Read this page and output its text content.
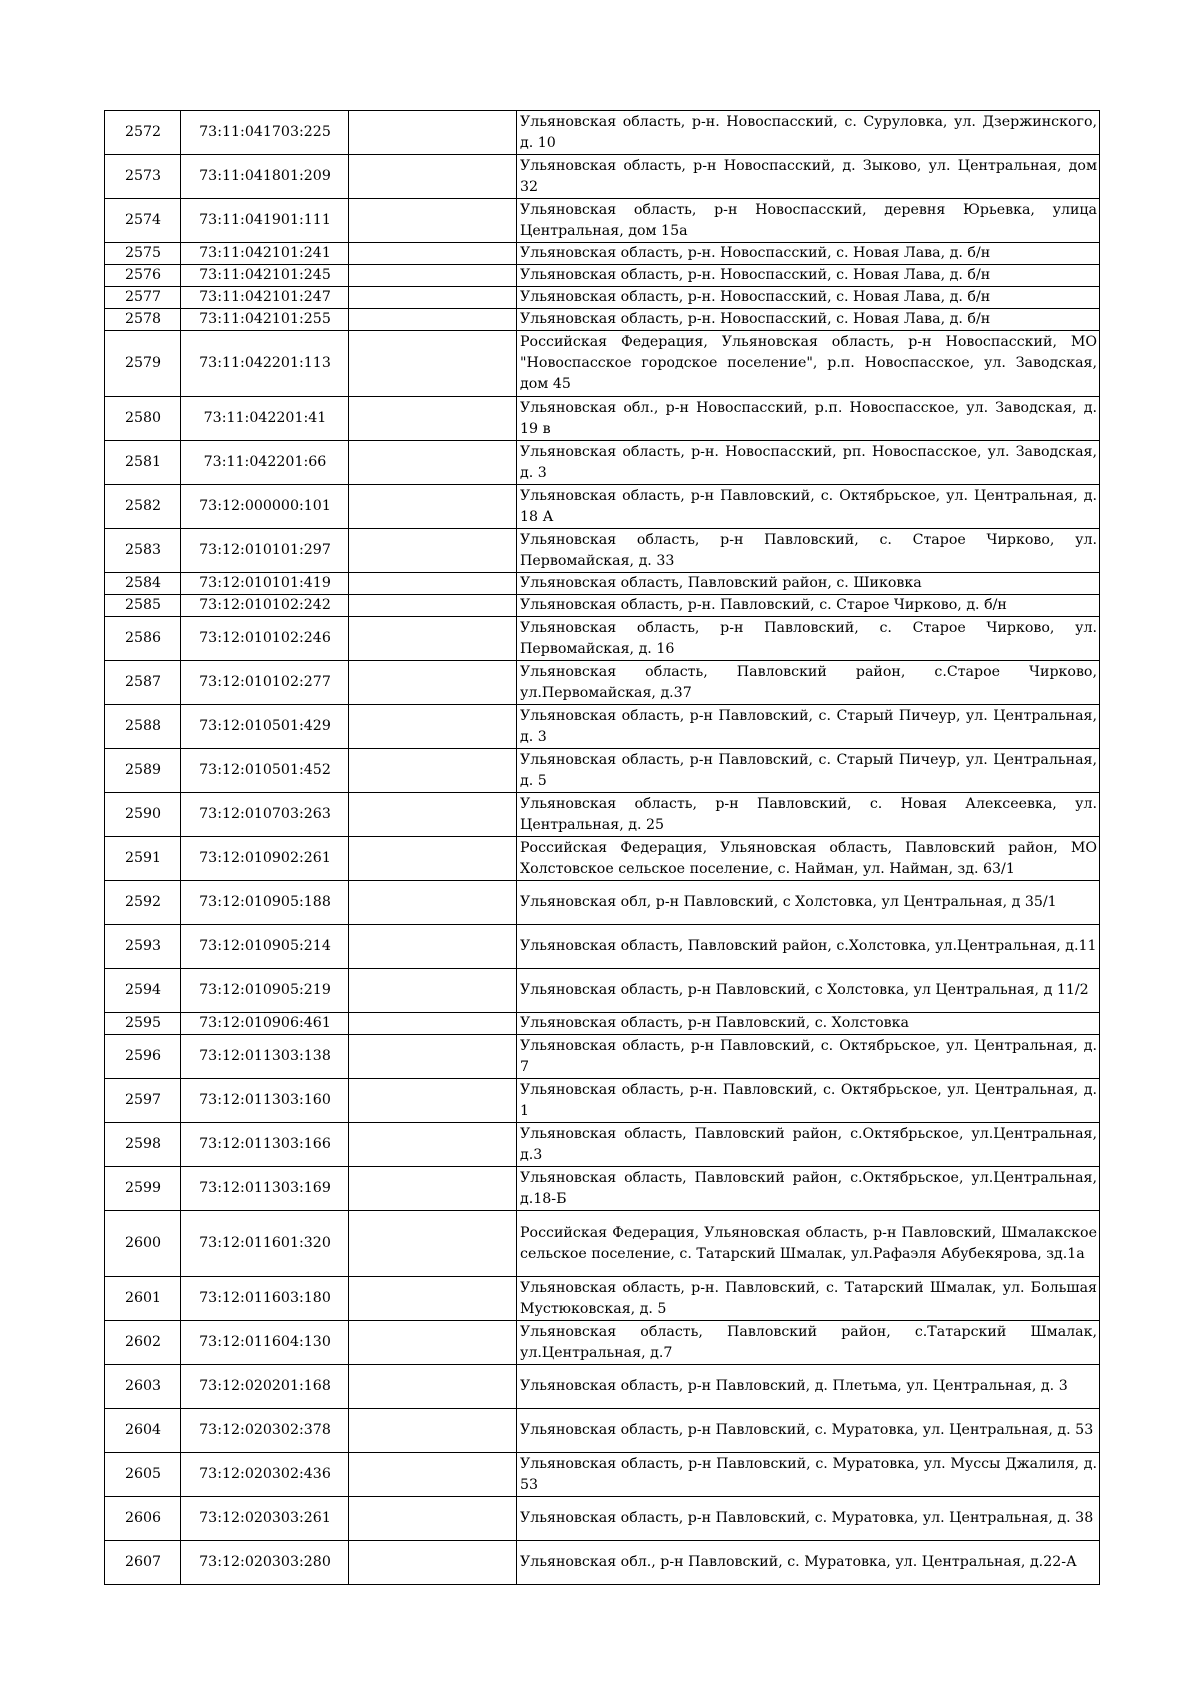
2572	73:11:041703:225		Ульяновская область, р-н. Новоспасский, с. Суруловка, ул. Дзержинского, д. 10
2573	73:11:041801:209		Ульяновская область, р-н Новоспасский, д. Зыково, ул. Центральная, дом 32
2574	73:11:041901:111		Ульяновская область, р-н Новоспасский, деревня Юрьевка, улица Центральная, дом 15а
2575	73:11:042101:241		Ульяновская область, р-н. Новоспасский, с. Новая Лава, д. б/н
2576	73:11:042101:245		Ульяновская область, р-н. Новоспасский, с. Новая Лава, д. б/н
2577	73:11:042101:247		Ульяновская область, р-н. Новоспасский, с. Новая Лава, д. б/н
2578	73:11:042101:255		Ульяновская область, р-н. Новоспасский, с. Новая Лава, д. б/н
2579	73:11:042201:113		Российская Федерация, Ульяновская область, р-н Новоспасский, МО "Новоспасское городское поселение", р.п. Новоспасское, ул. Заводская, дом 45
2580	73:11:042201:41		Ульяновская обл., р-н Новоспасский, р.п. Новоспасское, ул. Заводская, д. 19 в
2581	73:11:042201:66		Ульяновская область, р-н. Новоспасский, рп. Новоспасское, ул. Заводская, д. 3
2582	73:12:000000:101		Ульяновская область, р-н Павловский, с. Октябрьское, ул. Центральная, д. 18 А
2583	73:12:010101:297		Ульяновская область, р-н Павловский, с. Старое Чирково, ул. Первомайская, д. 33
2584	73:12:010101:419		Ульяновская область, Павловский район, с. Шиковка
2585	73:12:010102:242		Ульяновская область, р-н. Павловский, с. Старое Чирково, д. б/н
2586	73:12:010102:246		Ульяновская область, р-н Павловский, с. Старое Чирково, ул. Первомайская, д. 16
2587	73:12:010102:277		Ульяновская область, Павловский район, с.Старое Чирково, ул.Первомайская, д.37
2588	73:12:010501:429		Ульяновская область, р-н Павловский, с. Старый Пичеур, ул. Центральная, д. 3
2589	73:12:010501:452		Ульяновская область, р-н Павловский, с. Старый Пичеур, ул. Центральная, д. 5
2590	73:12:010703:263		Ульяновская область, р-н Павловский, с. Новая Алексеевка, ул. Центральная, д. 25
2591	73:12:010902:261		Российская Федерация, Ульяновская область, Павловский район, МО Холстовское сельское поселение, с. Найман, ул. Найман, зд. 63/1
2592	73:12:010905:188		Ульяновская обл, р-н Павловский, с Холстовка, ул Центральная, д 35/1
2593	73:12:010905:214		Ульяновская область, Павловский район, с.Холстовка, ул.Центральная, д.11
2594	73:12:010905:219		Ульяновская область, р-н Павловский, с Холстовка, ул Центральная, д 11/2
2595	73:12:010906:461		Ульяновская область, р-н Павловский, с. Холстовка
2596	73:12:011303:138		Ульяновская область, р-н Павловский, с. Октябрьское, ул. Центральная, д. 7
2597	73:12:011303:160		Ульяновская область, р-н. Павловский, с. Октябрьское, ул. Центральная, д. 1
2598	73:12:011303:166		Ульяновская область, Павловский район, с.Октябрьское, ул.Центральная, д.3
2599	73:12:011303:169		Ульяновская область, Павловский район, с.Октябрьское, ул.Центральная, д.18-Б
2600	73:12:011601:320		Российская Федерация, Ульяновская область, р-н Павловский, Шмалакское сельское поселение, с. Татарский Шмалак, ул.Рафаэля Абубекярова, зд.1а
2601	73:12:011603:180		Ульяновская область, р-н. Павловский, с. Татарский Шмалак, ул. Большая Мустюковская, д. 5
2602	73:12:011604:130		Ульяновская область, Павловский район, с.Татарский Шмалак, ул.Центральная, д.7
2603	73:12:020201:168		Ульяновская область, р-н Павловский, д. Плетьма, ул. Центральная, д. 3
2604	73:12:020302:378		Ульяновская область, р-н Павловский, с. Муратовка, ул. Центральная, д. 53
2605	73:12:020302:436		Ульяновская область, р-н Павловский, с. Муратовка, ул. Муссы Джалиля, д. 53
2606	73:12:020303:261		Ульяновская область, р-н Павловский, с. Муратовка, ул. Центральная, д. 38
2607	73:12:020303:280		Ульяновская обл., р-н Павловский, с. Муратовка, ул. Центральная, д.22-А
